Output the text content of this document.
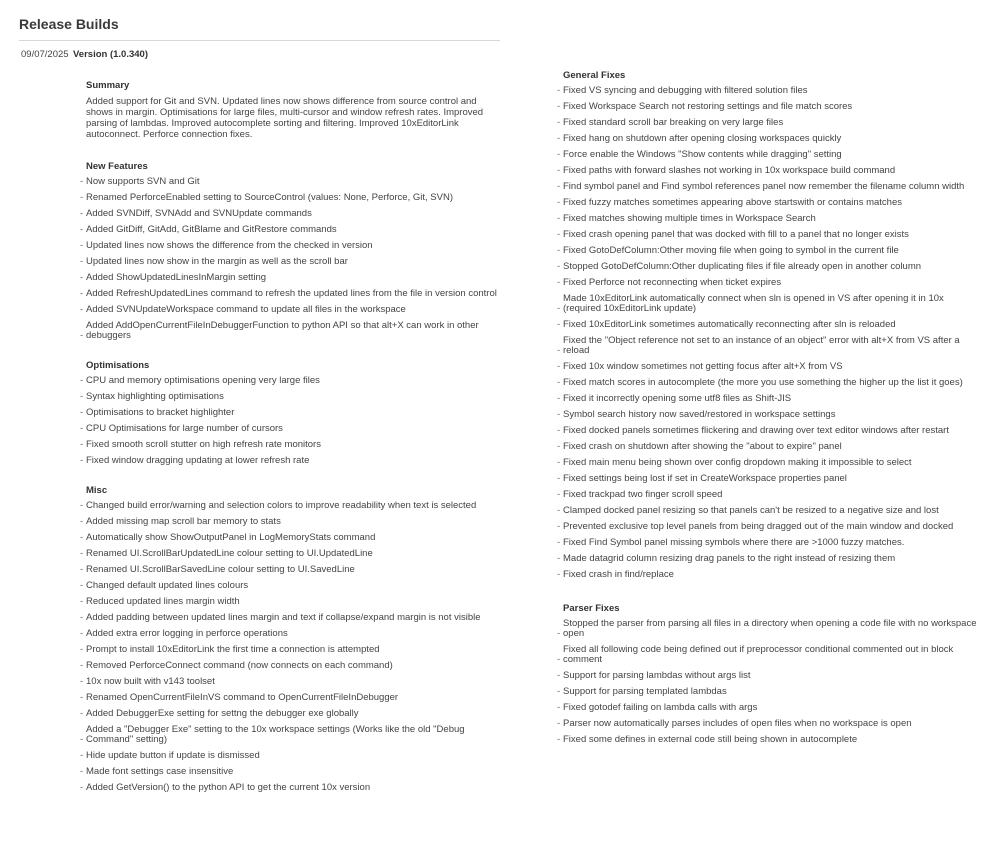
Release Builds
09/07/2025 Version (1.0.340)
Summary

Added support for Git and SVN. Updated lines now shows difference from source control and shows in margin. Optimisations for large files, multi-cursor and window refresh rates. Improved parsing of lambdas. Improved autocomplete sorting and filtering. Improved 10xEditorLink autoconnect. Perforce connection fixes.

New Features
- Now supports SVN and Git
- Renamed PerforceEnabled setting to SourceControl (values: None, Perforce, Git, SVN)
- Added SVNDiff, SVNAdd and SVNUpdate commands
- Added GitDiff, GitAdd, GitBlame and GitRestore commands
- Updated lines now shows the difference from the checked in version
- Updated lines now show in the margin as well as the scroll bar
- Added ShowUpdatedLinesInMargin setting
- Added RefreshUpdatedLines command to refresh the updated lines from the file in version control
- Added SVNUpdateWorkspace command to update all files in the workspace
- Added AddOpenCurrentFileInDebuggerFunction to python API so that alt+X can work in other debuggers
Optimisations
- CPU and memory optimisations opening very large files
- Syntax highlighting optimisations
- Optimisations to bracket highlighter
- CPU Optimisations for large number of cursors
- Fixed smooth scroll stutter on high refresh rate monitors
- Fixed window dragging updating at lower refresh rate
Misc
- Changed build error/warning and selection colors to improve readability when text is selected
- Added missing map scroll bar memory to stats
- Automatically show ShowOutputPanel in LogMemoryStats command
- Renamed UI.ScrollBarUpdatedLine colour setting to UI.UpdatedLine
- Renamed UI.ScrollBarSavedLine colour setting to UI.SavedLine
- Changed default updated lines colours
- Reduced updated lines margin width
- Added padding between updated lines margin and text if collapse/expand margin is not visible
- Added extra error logging in perforce operations
- Prompt to install 10xEditorLink the first time a connection is attempted
- Removed PerforceConnect command (now connects on each command)
- 10x now built with v143 toolset
- Renamed OpenCurrentFileInVS command to OpenCurrentFileInDebugger
- Added DebuggerExe setting for settng the debugger exe globally
- Added a "Debugger Exe" setting to the 10x workspace settings (Works like the old "Debug Command" setting)
- Hide update button if update is dismissed
- Made font settings case insensitive
- Added GetVersion() to the python API to get the current 10x version
General Fixes
- Fixed VS syncing and debugging with filtered solution files
- Fixed Workspace Search not restoring settings and file match scores
- Fixed standard scroll bar breaking on very large files
- Fixed hang on shutdown after opening closing workspaces quickly
- Force enable the Windows "Show contents while dragging" setting
- Fixed paths with forward slashes not working in 10x workspace build command
- Find symbol panel and Find symbol references panel now remember the filename column width
- Fixed fuzzy matches sometimes appearing above startswith or contains matches
- Fixed matches showing multiple times in Workspace Search
- Fixed crash opening panel that was docked with fill to a panel that no longer exists
- Fixed GotoDefColumn:Other moving file when going to symbol in the current file
- Stopped GotoDefColumn:Other duplicating files if file already open in another column
- Fixed Perforce not reconnecting when ticket expires
- Made 10xEditorLink automatically connect when sln is opened in VS after opening it in 10x (required 10xEditorLink update)
- Fixed 10xEditorLink sometimes automatically reconnecting after sln is reloaded
- Fixed the "Object reference not set to an instance of an object" error with alt+X from VS after a reload
- Fixed 10x window sometimes not getting focus after alt+X from VS
- Fixed match scores in autocomplete (the more you use something the higher up the list it goes)
- Fixed it incorrectly opening some utf8 files as Shift-JIS
- Symbol search history now saved/restored in workspace settings
- Fixed docked panels sometimes flickering and drawing over text editor windows after restart
- Fixed crash on shutdown after showing the "about to expire" panel
- Fixed main menu being shown over config dropdown making it impossible to select
- Fixed settings being lost if set in CreateWorkspace properties panel
- Fixed trackpad two finger scroll speed
- Clamped docked panel resizing so that panels can't be resized to a negative size and lost
- Prevented exclusive top level panels from being dragged out of the main window and docked
- Fixed Find Symbol panel missing symbols where there are >1000 fuzzy matches.
- Made datagrid column resizing drag panels to the right instead of resizing them
- Fixed crash in find/replace
Parser Fixes
- Stopped the parser from parsing all files in a directory when opening a code file with no workspace open
- Fixed all following code being defined out if preprocessor conditional commented out in block comment
- Support for parsing lambdas without args list
- Support for parsing templated lambdas
- Fixed gotodef failing on lambda calls with args
- Parser now automatically parses includes of open files when no workspace is open
- Fixed some defines in external code still being shown in autocomplete
